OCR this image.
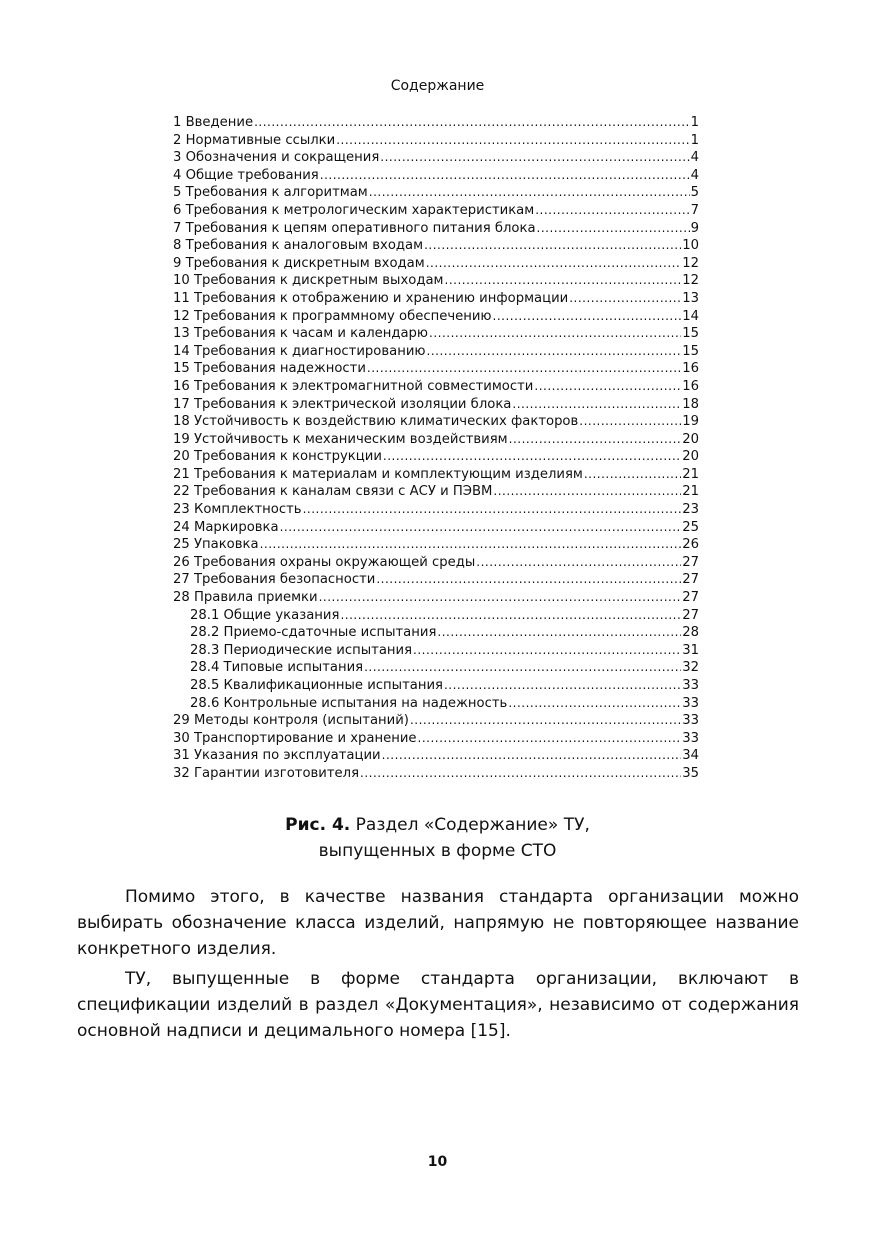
Содержание
1 Введение .....	1
2 Нормативные ссылки .....	1
3 Обозначения и сокращения .....	4
4 Общие требования .....	4
5 Требования к алгоритмам .....	5
6 Требования к метрологическим характеристикам .....	7
7 Требования к цепям оперативного питания блока .....	9
8 Требования к аналоговым входам .....	10
9 Требования к дискретным входам .....	12
10 Требования к дискретным выходам .....	12
11 Требования к отображению и хранению информации .....	13
12 Требования к программному обеспечению .....	14
13 Требования к часам и календарю .....	15
14 Требования к диагностированию .....	15
15 Требования надежности .....	16
16 Требования к электромагнитной совместимости .....	16
17 Требования к электрической изоляции блока .....	18
18 Устойчивость к воздействию климатических факторов .....	19
19 Устойчивость к механическим воздействиям .....	20
20 Требования к конструкции .....	20
21 Требования к материалам и комплектующим изделиям .....	21
22 Требования к каналам связи с АСУ и ПЭВМ .....	21
23 Комплектность .....	23
24 Маркировка .....	25
25 Упаковка .....	26
26 Требования охраны окружающей среды .....	27
27 Требования безопасности .....	27
28 Правила приемки .....	27
28.1 Общие указания .....	27
28.2 Приемо-сдаточные испытания .....	28
28.3 Периодические испытания .....	31
28.4 Типовые испытания .....	32
28.5 Квалификационные испытания .....	33
28.6 Контрольные испытания на надежность .....	33
29 Методы контроля (испытаний) .....	33
30 Транспортирование и хранение .....	33
31 Указания по эксплуатации .....	34
32 Гарантии изготовителя .....	35
Рис. 4. Раздел «Содержание» ТУ,
выпущенных в форме СТО

Помимо этого, в качестве названия стандарта организации можно выбирать обозначение класса изделий, напрямую не повторяющее название конкретного изделия.

ТУ, выпущенные в форме стандарта организации, включают в спецификации изделий в раздел «Документация», независимо от содержания основной надписи и децимального номера [15].

10
